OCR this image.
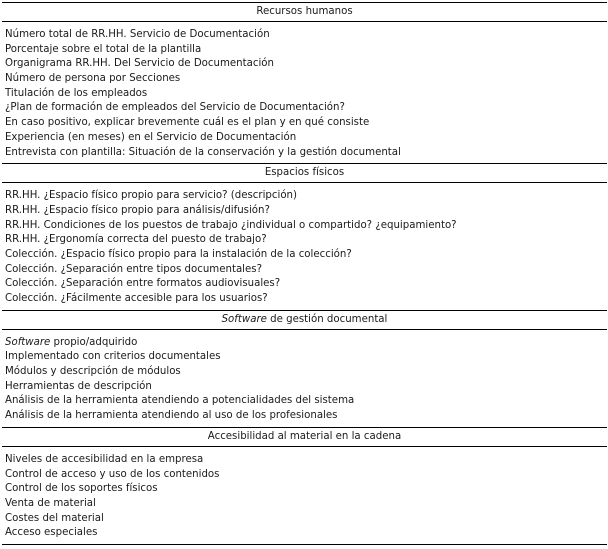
Recursos humanos
Número total de RR.HH. Servicio de Documentación
Porcentaje sobre el total de la plantilla
Organigrama RR.HH. Del Servicio de Documentación
Número de persona por Secciones
Titulación de los empleados
¿Plan de formación de empleados del Servicio de Documentación?
En caso positivo, explicar brevemente cuál es el plan y en qué consiste
Experiencia (en meses) en el Servicio de Documentación
Entrevista con plantilla: Situación de la conservación y la gestión documental
Espacios físicos
RR.HH. ¿Espacio físico propio para servicio? (descripción)
RR.HH. ¿Espacio físico propio para análisis/difusión?
RR.HH. Condiciones de los puestos de trabajo ¿individual o compartido? ¿equipamiento?
RR.HH. ¿Ergonomía correcta del puesto de trabajo?
Colección. ¿Espacio físico propio para la instalación de la colección?
Colección. ¿Separación entre tipos documentales?
Colección. ¿Separación entre formatos audiovisuales?
Colección. ¿Fácilmente accesible para los usuarios?
Software de gestión documental
Software propio/adquirido
Implementado con criterios documentales
Módulos y descripción de módulos
Herramientas de descripción
Análisis de la herramienta atendiendo a potencialidades del sistema
Análisis de la herramienta atendiendo al uso de los profesionales
Accesibilidad al material en la cadena
Niveles de accesibilidad en la empresa
Control de acceso y uso de los contenidos
Control de los soportes físicos
Venta de material
Costes del material
Acceso especiales
